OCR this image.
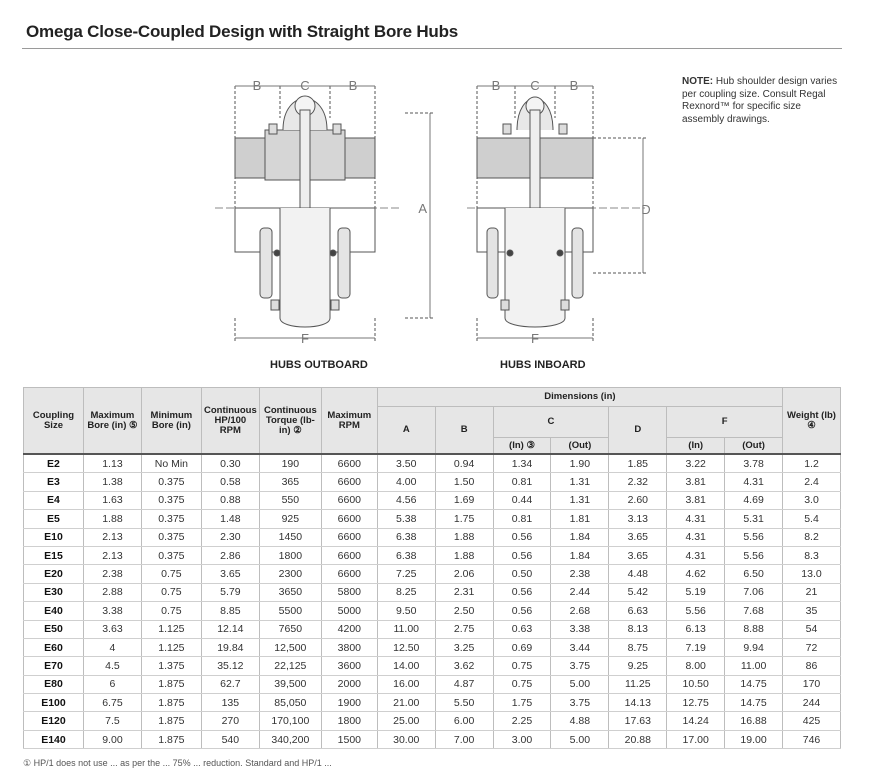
Omega Close-Coupled Design with Straight Bore Hubs
B	C	B
A
F
B C B
D
F
HUBS OUTBOARD	HUBS INBOARD
NOTE: Hub shoulder design varies per coupling size. Consult Regal Rexnord™ for specific size assembly drawings.
Coupling Size	Maximum Bore (in) ⑤	Minimum Bore (in)	Continuous HP/100 RPM	Continuous Torque (lb-in) ②	Maximum RPM	Dimensions (in)							Weight (lb) ④
						A	B	C		D	F		
								(In) ③	(Out)		(In)	(Out)	
E2	1.13	No Min	0.30	190	6600	3.50	0.94	1.34	1.90	1.85	3.22	3.78	1.2
E3	1.38	0.375	0.58	365	6600	4.00	1.50	0.81	1.31	2.32	3.81	4.31	2.4
E4	1.63	0.375	0.88	550	6600	4.56	1.69	0.44	1.31	2.60	3.81	4.69	3.0
E5	1.88	0.375	1.48	925	6600	5.38	1.75	0.81	1.81	3.13	4.31	5.31	5.4
E10	2.13	0.375	2.30	1450	6600	6.38	1.88	0.56	1.84	3.65	4.31	5.56	8.2
E15	2.13	0.375	2.86	1800	6600	6.38	1.88	0.56	1.84	3.65	4.31	5.56	8.3
E20	2.38	0.75	3.65	2300	6600	7.25	2.06	0.50	2.38	4.48	4.62	6.50	13.0
E30	2.88	0.75	5.79	3650	5800	8.25	2.31	0.56	2.44	5.42	5.19	7.06	21
E40	3.38	0.75	8.85	5500	5000	9.50	2.50	0.56	2.68	6.63	5.56	7.68	35
E50	3.63	1.125	12.14	7650	4200	11.00	2.75	0.63	3.38	8.13	6.13	8.88	54
E60	4	1.125	19.84	12,500	3800	12.50	3.25	0.69	3.44	8.75	7.19	9.94	72
E70	4.5	1.375	35.12	22,125	3600	14.00	3.62	0.75	3.75	9.25	8.00	11.00	86
E80	6	1.875	62.7	39,500	2000	16.00	4.87	0.75	5.00	11.25	10.50	14.75	170
E100	6.75	1.875	135	85,050	1900	21.00	5.50	1.75	3.75	14.13	12.75	14.75	244
E120	7.5	1.875	270	170,100	1800	25.00	6.00	2.25	4.88	17.63	14.24	16.88	425
E140	9.00	1.875	540	340,200	1500	30.00	7.00	3.00	5.00	20.88	17.00	19.00	746
① HP/1 does not use ... as per the ... 75% ... reduction. Standard and HP/1 ...
